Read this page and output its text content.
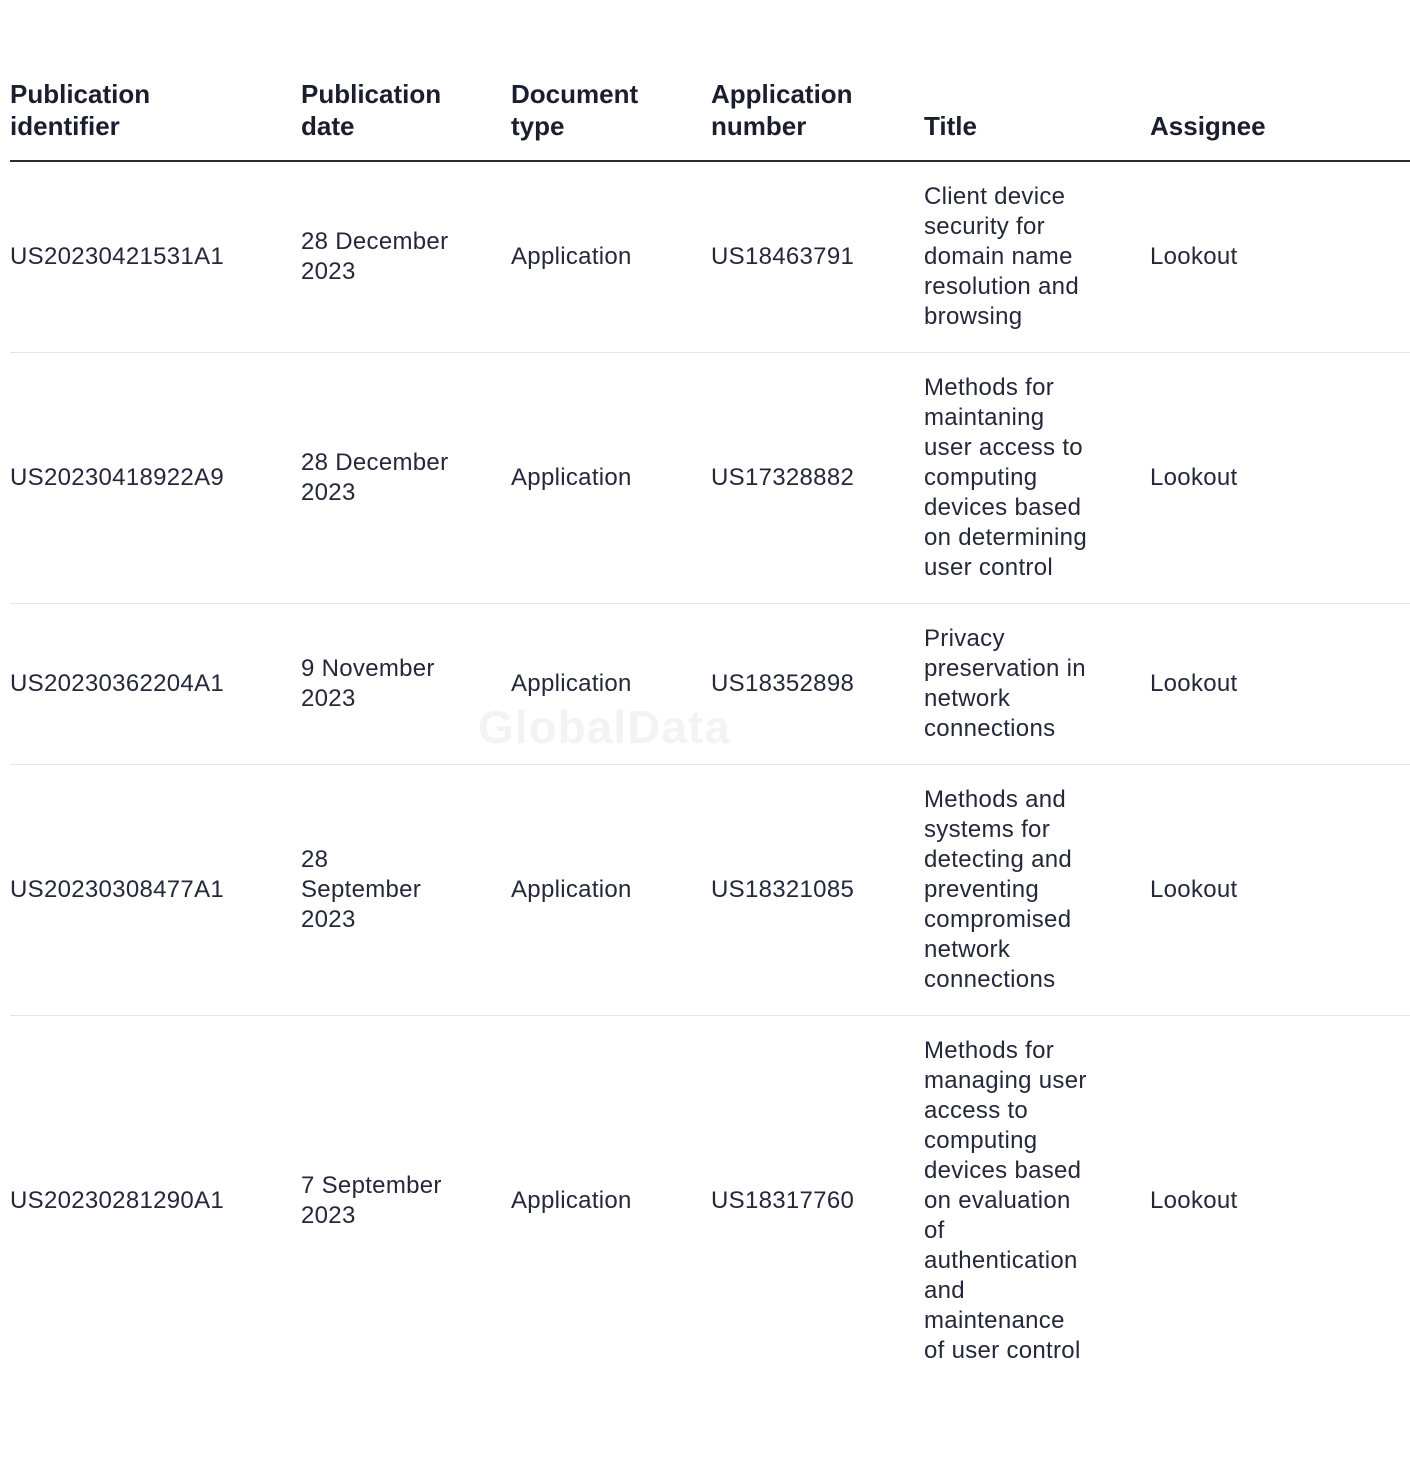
GlobalData
Publication identifier	Publication date	Document type	Application number	Title	Assignee

US20230421531A1	28 December 2023	Application	US18463791	Client device security for domain name resolution and browsing	Lookout

US20230418922A9	28 December 2023	Application	US17328882	Methods for maintaning user access to computing devices based on determining user control	Lookout

US20230362204A1	9 November 2023	Application	US18352898	Privacy preservation in network connections	Lookout

US20230308477A1	28 September 2023	Application	US18321085	Methods and systems for detecting and preventing compromised network connections	Lookout

US20230281290A1	7 September 2023	Application	US18317760	Methods for managing user access to computing devices based on evaluation of authentication and maintenance of user control	Lookout
